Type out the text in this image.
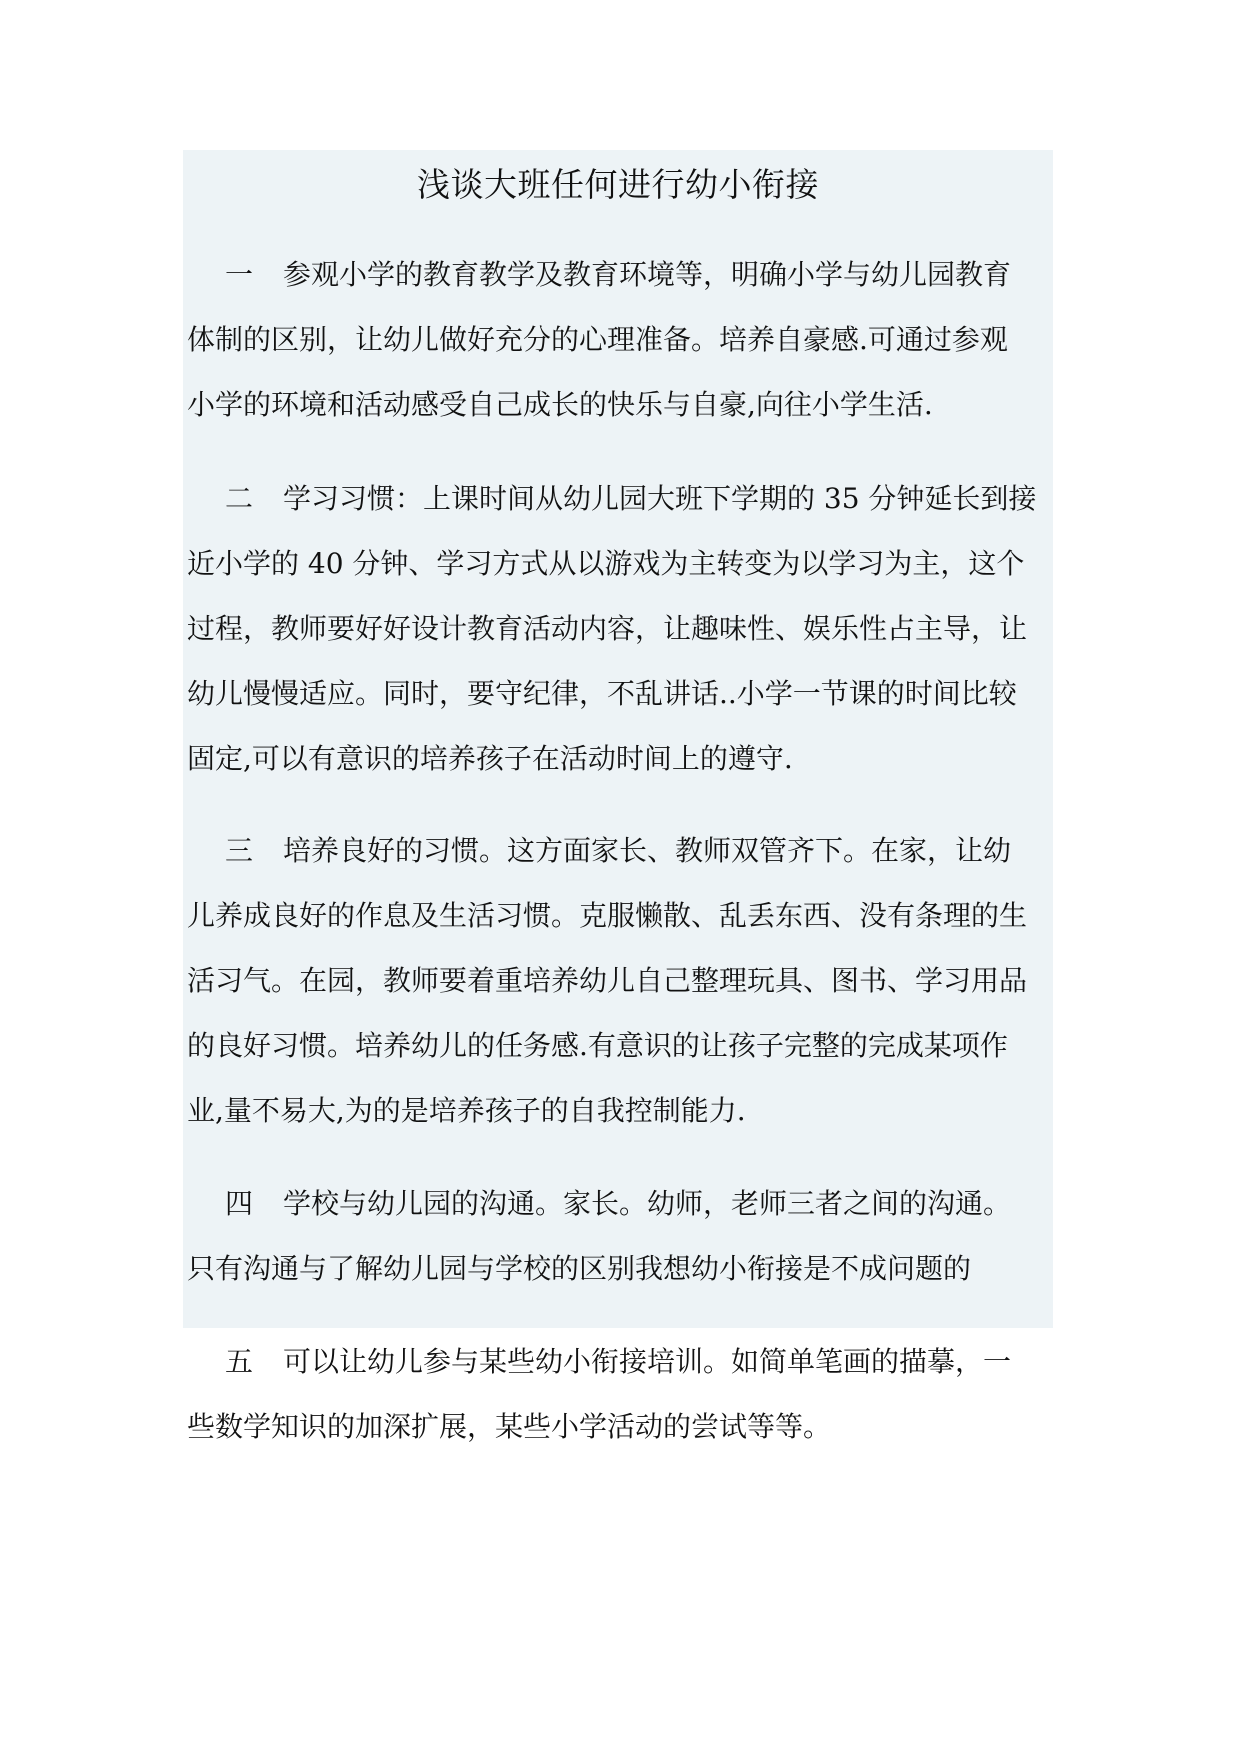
浅谈大班任何进行幼小衔接
一 参观小学的教育教学及教育环境等，明确小学与幼儿园教育
体制的区别，让幼儿做好充分的心理准备。培养自豪感.可通过参观
小学的环境和活动感受自己成长的快乐与自豪,向往小学生活.
二 学习习惯：上课时间从幼儿园大班下学期的 35 分钟延长到接
近小学的 40 分钟、学习方式从以游戏为主转变为以学习为主，这个
过程，教师要好好设计教育活动内容，让趣味性、娱乐性占主导，让
幼儿慢慢适应。同时，要守纪律，不乱讲话..小学一节课的时间比较
固定,可以有意识的培养孩子在活动时间上的遵守.
三 培养良好的习惯。这方面家长、教师双管齐下。在家，让幼
儿养成良好的作息及生活习惯。克服懒散、乱丢东西、没有条理的生
活习气。在园，教师要着重培养幼儿自己整理玩具、图书、学习用品
的良好习惯。培养幼儿的任务感.有意识的让孩子完整的完成某项作
业,量不易大,为的是培养孩子的自我控制能力.
四 学校与幼儿园的沟通。家长。幼师，老师三者之间的沟通。
只有沟通与了解幼儿园与学校的区别我想幼小衔接是不成问题的
五 可以让幼儿参与某些幼小衔接培训。如简单笔画的描摹，一
些数学知识的加深扩展，某些小学活动的尝试等等。
